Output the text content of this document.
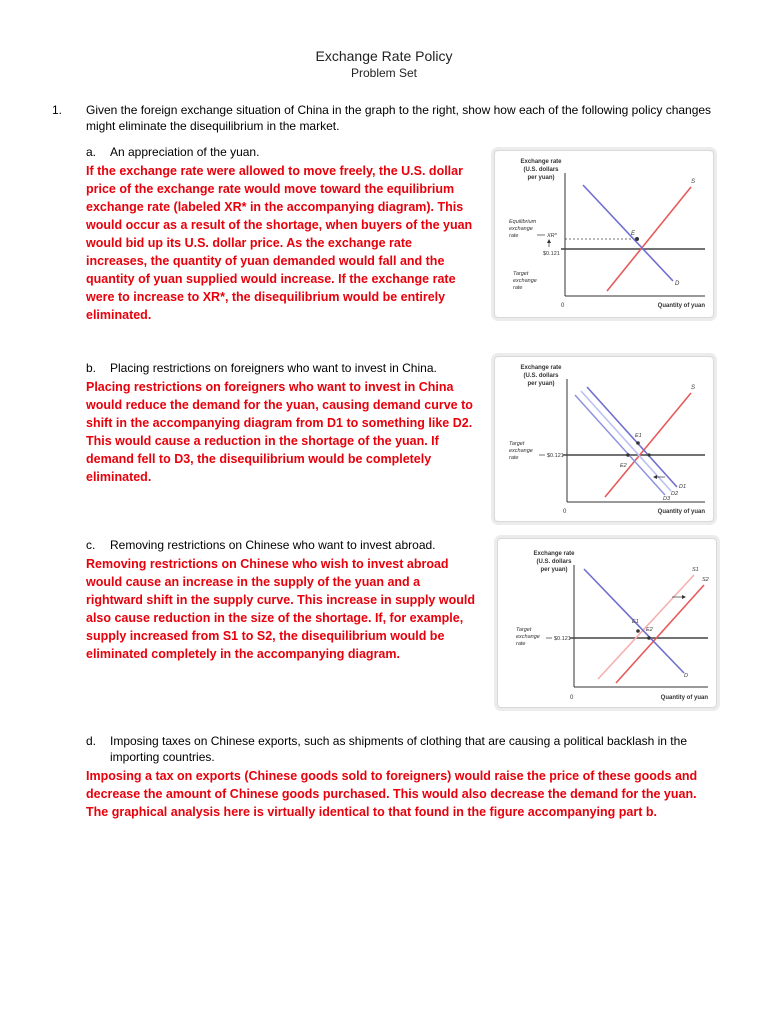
Exchange Rate Policy
Problem Set
1.	Given the foreign exchange situation of China in the graph to the right, show how each of the following policy changes might eliminate the disequilibrium in the market.
a.	An appreciation of the yuan.
If the exchange rate were allowed to move freely, the U.S. dollar
price of the exchange rate would move toward the equilibrium
exchange rate (labeled XR* in the accompanying diagram). This
would occur as a result of the shortage, when buyers of the yuan
would bid up its U.S. dollar price. As the exchange rate
increases, the quantity of yuan demanded would fall and the
quantity of yuan supplied would increase. If the exchange rate
were to increase to XR*, the disequilibrium would be entirely
eliminated.
Exchange rate
(U.S. dollars
per yuan)
S
D
E
Equilibrium
exchange
rate	XR*
$0.121
Target
exchange
rate
0	Quantity of yuan
b.	Placing restrictions on foreigners who want to invest in China.
Placing restrictions on foreigners who want to invest in China
would reduce the demand for the yuan, causing demand curve to
shift in the accompanying diagram from D1 to something like D2.
This would cause a reduction in the shortage of the yuan. If
demand fell to D3, the disequilibrium would be completely
eliminated.
Exchange rate
(U.S. dollars
per yuan)
S
E1
E2
D1
D2
D3
Target
exchange
rate	$0.121
0	Quantity of yuan
c.	Removing restrictions on Chinese who want to invest abroad.
Removing restrictions on Chinese who wish to invest abroad
would cause an increase in the supply of the yuan and a
rightward shift in the supply curve. This increase in supply would
also cause reduction in the size of the shortage. If, for example,
supply increased from S1 to S2, the disequilibrium would be
eliminated completely in the accompanying diagram.
Exchange rate
(U.S. dollars
per yuan)
E1
E2
S1
S2
D
Target
exchange
rate
$0.121
0	Quantity of yuan
d.	Imposing taxes on Chinese exports, such as shipments of clothing that are causing a political backlash in the
importing countries.
Imposing a tax on exports (Chinese goods sold to foreigners) would raise the price of these goods and
decrease the amount of Chinese goods purchased. This would also decrease the demand for the yuan.
The graphical analysis here is virtually identical to that found in the figure accompanying part b.
